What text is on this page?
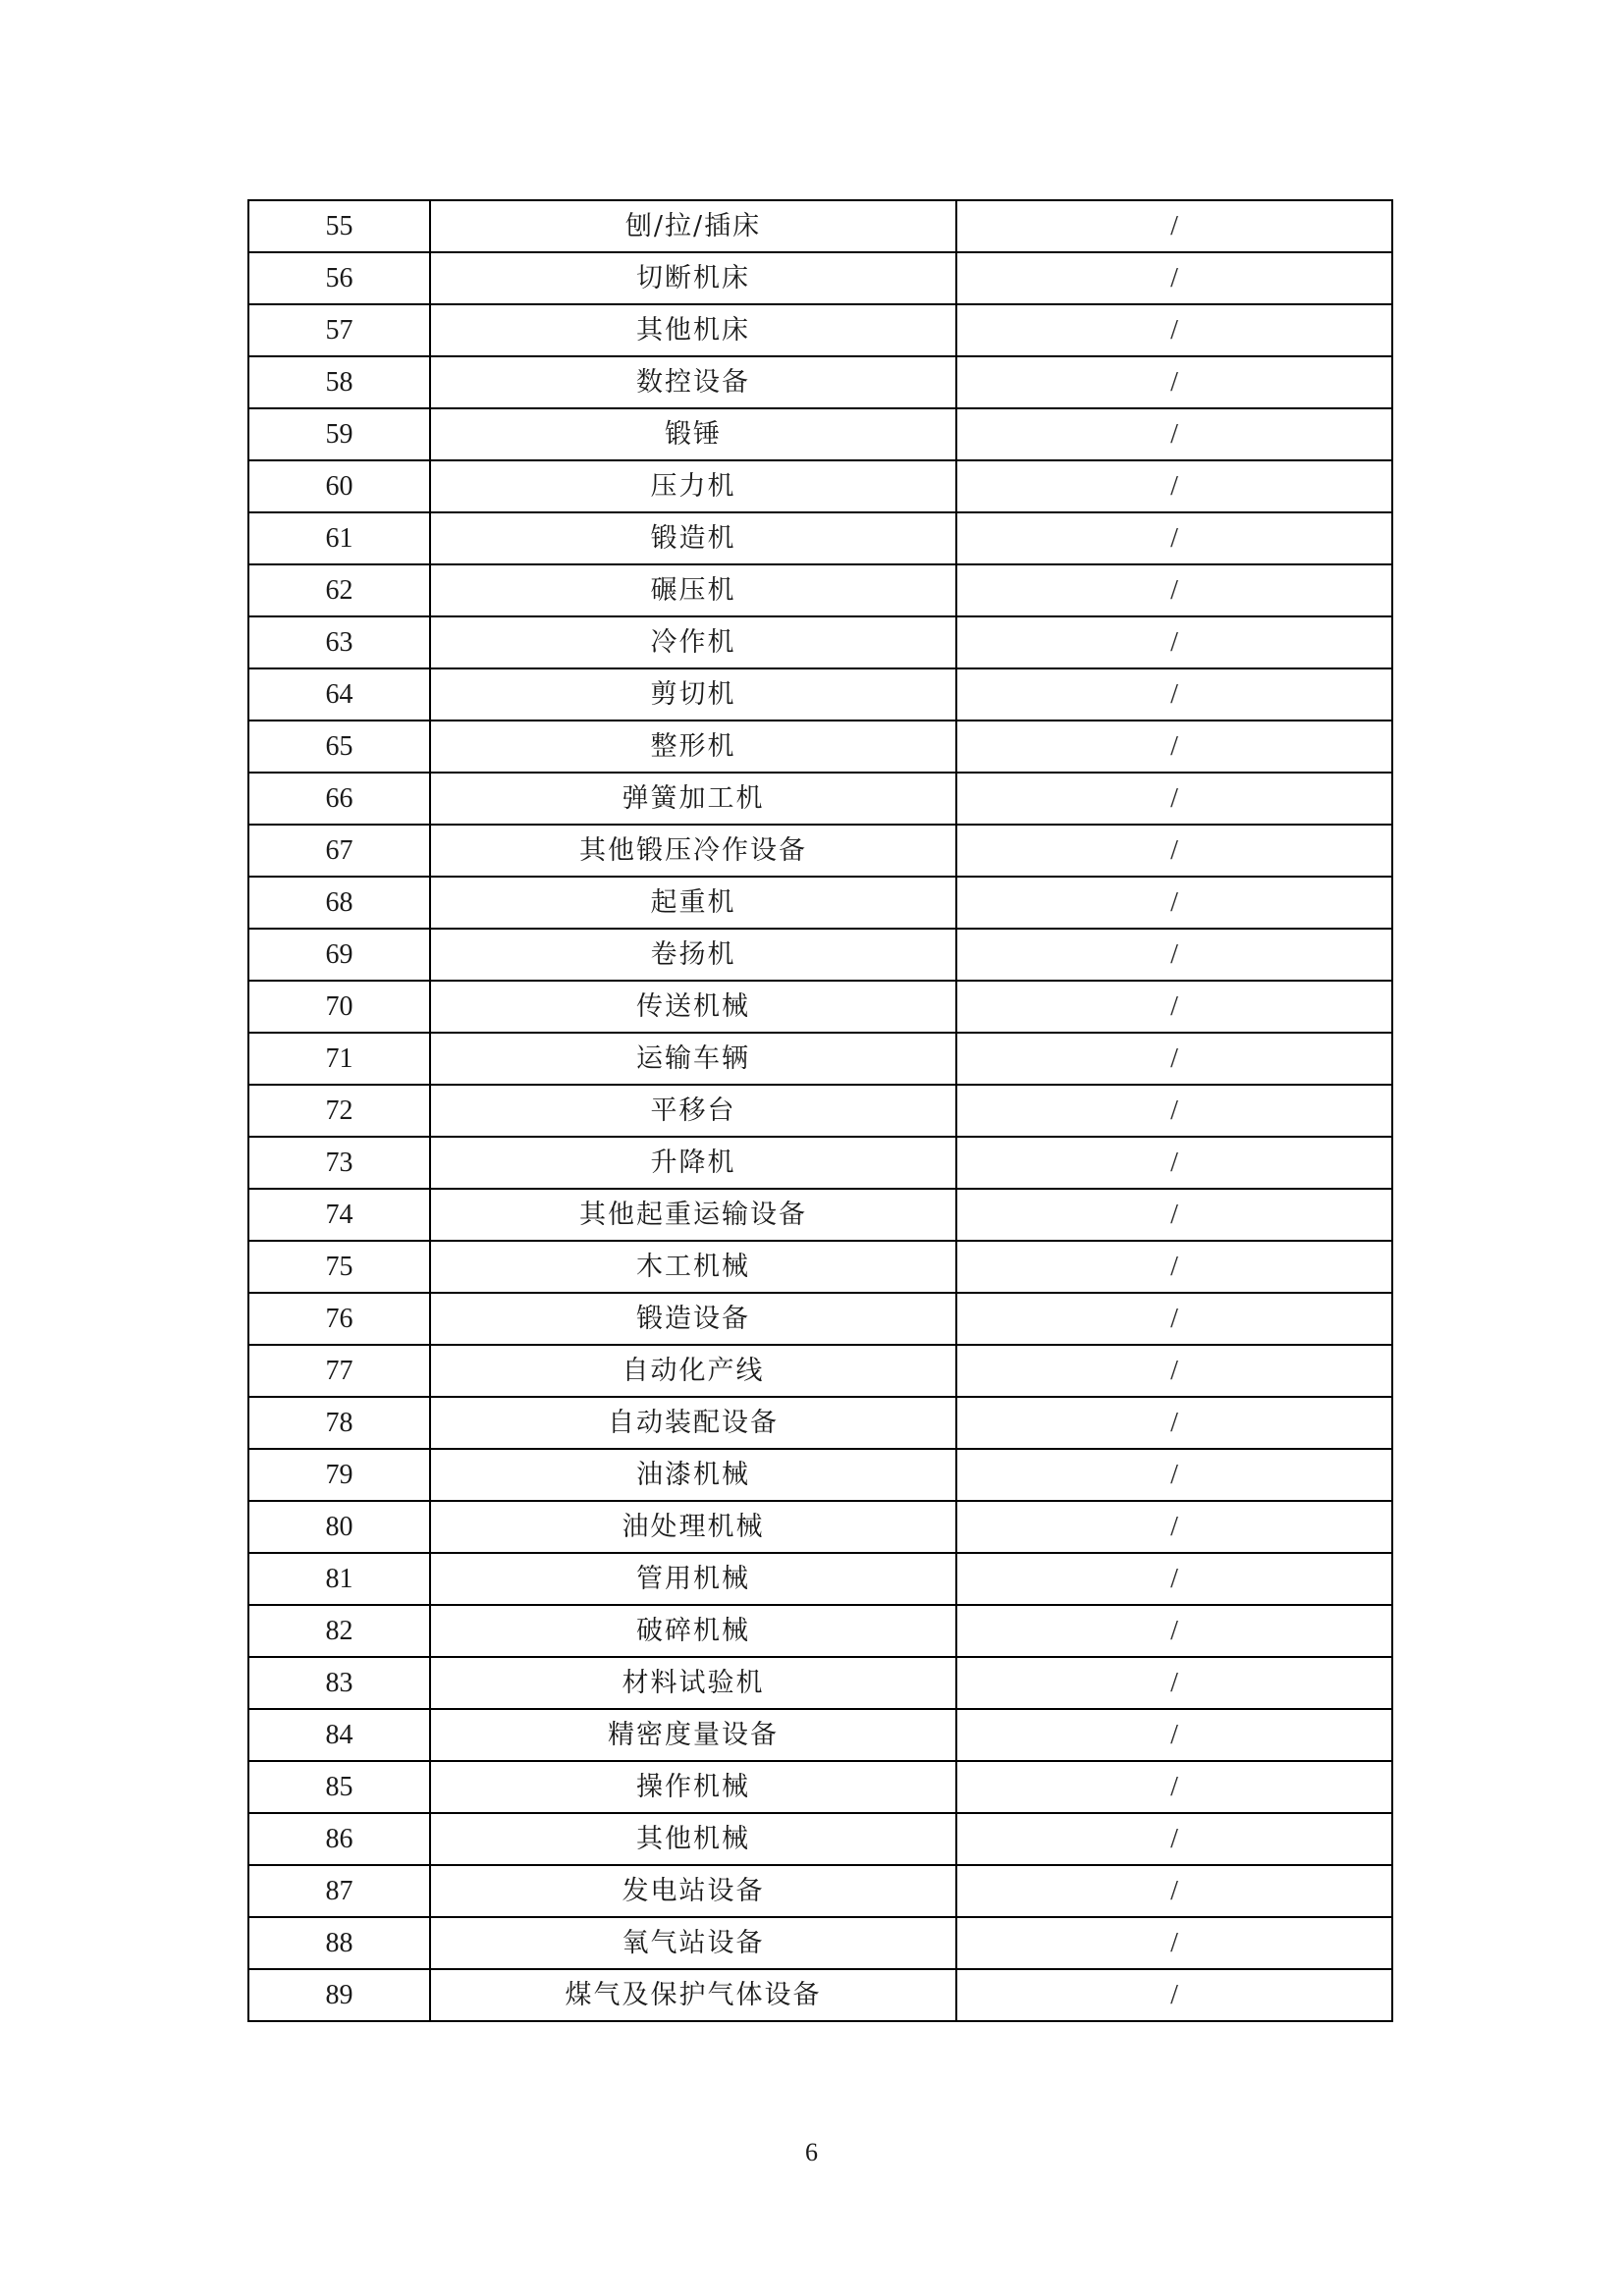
55	刨/拉/插床	/
56	切断机床	/
57	其他机床	/
58	数控设备	/
59	锻锤	/
60	压力机	/
61	锻造机	/
62	碾压机	/
63	冷作机	/
64	剪切机	/
65	整形机	/
66	弹簧加工机	/
67	其他锻压冷作设备	/
68	起重机	/
69	卷扬机	/
70	传送机械	/
71	运输车辆	/
72	平移台	/
73	升降机	/
74	其他起重运输设备	/
75	木工机械	/
76	锻造设备	/
77	自动化产线	/
78	自动装配设备	/
79	油漆机械	/
80	油处理机械	/
81	管用机械	/
82	破碎机械	/
83	材料试验机	/
84	精密度量设备	/
85	操作机械	/
86	其他机械	/
87	发电站设备	/
88	氧气站设备	/
89	煤气及保护气体设备	/
6
